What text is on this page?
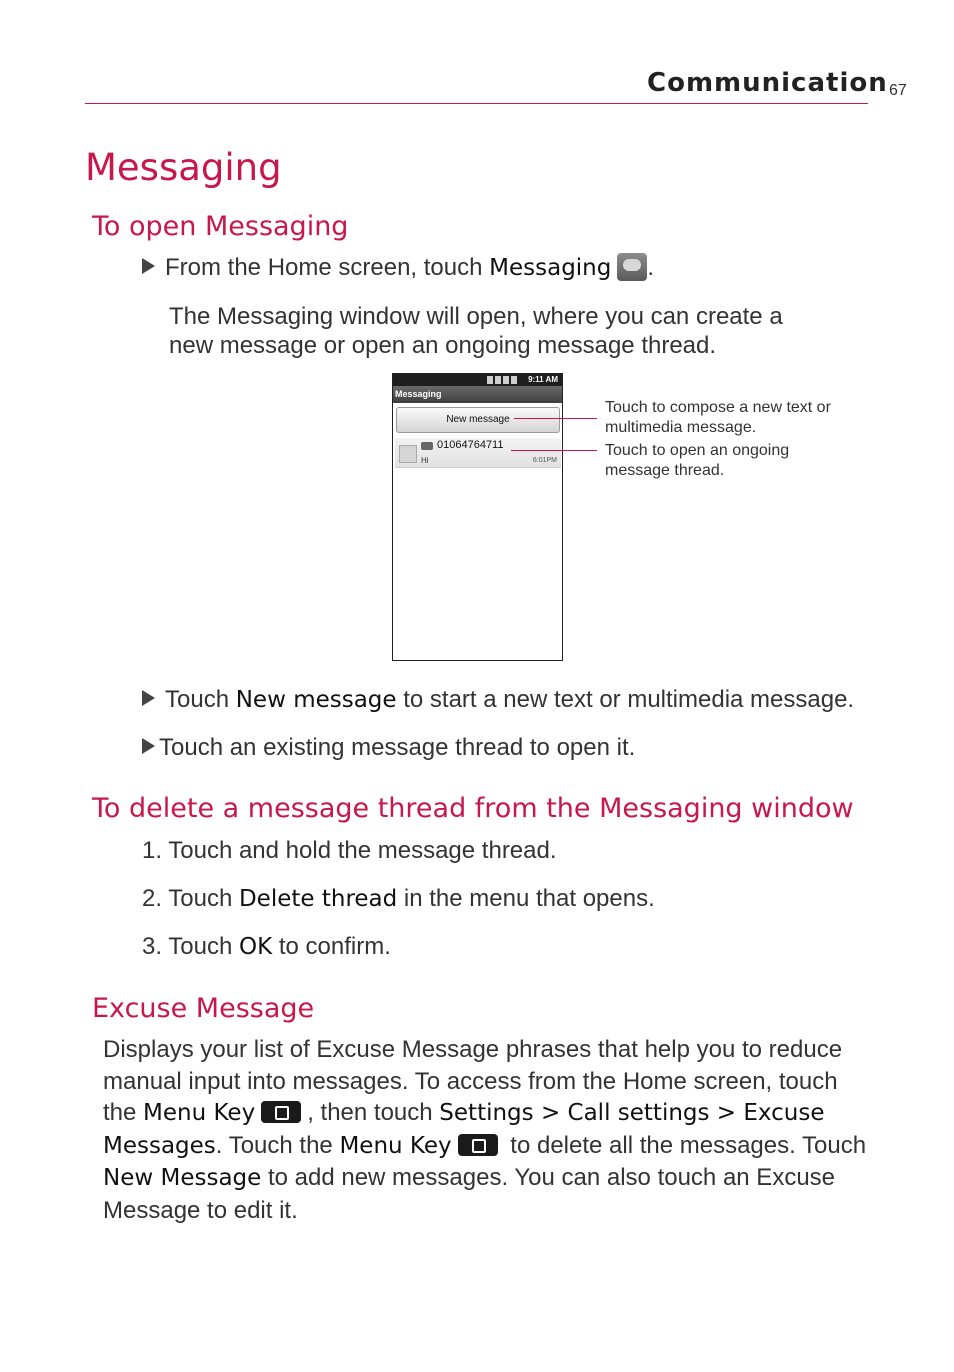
Communication 67
Messaging
To open Messaging
From the Home screen, touch Messaging .
The Messaging window will open, where you can create a
new message or open an ongoing message thread.
9:11 AM
Messaging
New message
01064764711
Hi	6:01PM
Touch to compose a new text or
multimedia message.
Touch to open an ongoing
message thread.
Touch New message to start a new text or multimedia message.
Touch an existing message thread to open it.
To delete a message thread from the Messaging window
1. Touch and hold the message thread.
2. Touch Delete thread in the menu that opens.
3. Touch OK to confirm.
Excuse Message
Displays your list of Excuse Message phrases that help you to reduce manual input into messages. To access from the Home screen, touch the Menu Key , then touch Settings > Call settings > Excuse Messages. Touch the Menu Key to delete all the messages. Touch New Message to add new messages. You can also touch an Excuse Message to edit it.
